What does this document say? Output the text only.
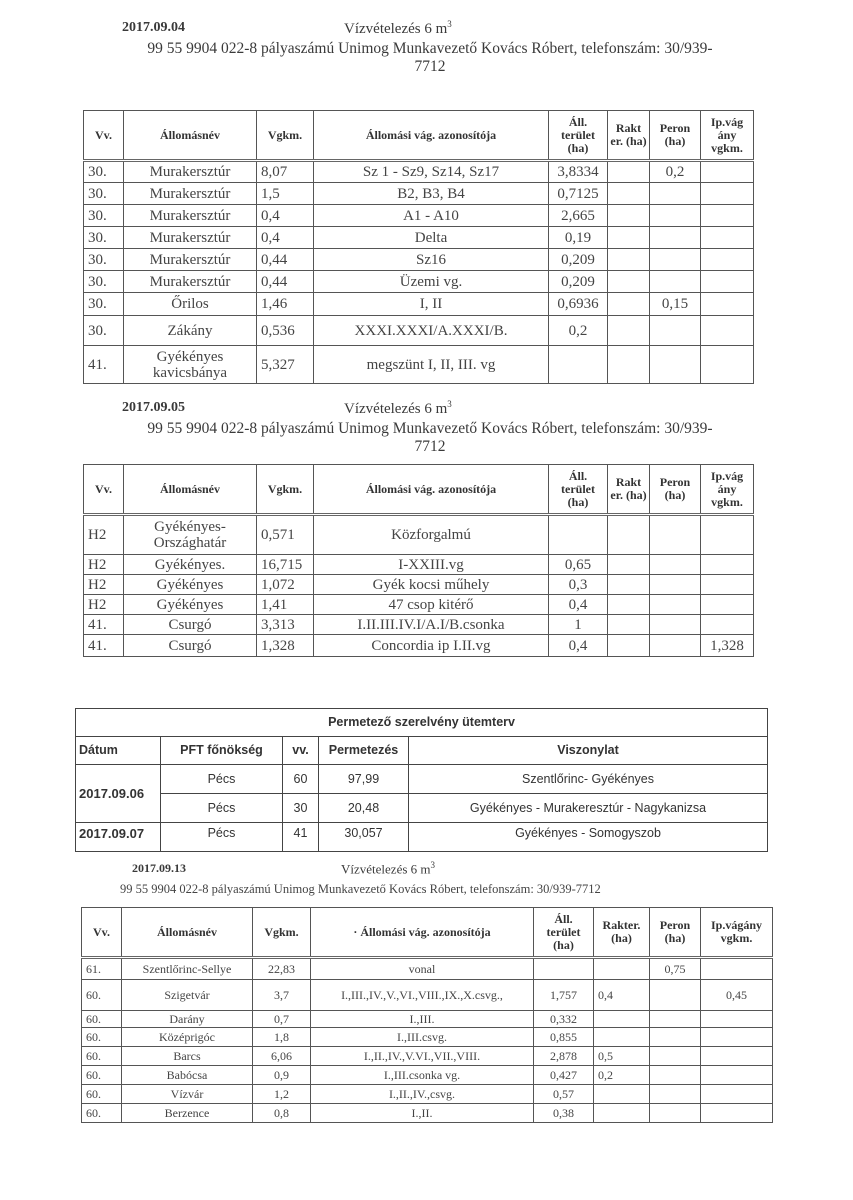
2017.09.04	Vízvételezés 6 $m^3$
99 55 9904 022-8 pályaszámú Unimog Munkavezető Kovács Róbert, telefonszám: 30/939-
7712
Vv.	Állomásnév	Vgkm.	Állomási vág. azonosítója	Áll. terület (ha)	Rakt er. (ha)	Peron (ha)	Ip.vág ány vgkm.
30.	Murakersztúr	8,07	Sz 1 - Sz9, Sz14, Sz17	3,8334		0,2	
30.	Murakersztúr	1,5	B2, B3, B4	0,7125			
30.	Murakersztúr	0,4	A1 - A10	2,665			
30.	Murakersztúr	0,4	Delta	0,19			
30.	Murakersztúr	0,44	Sz16	0,209			
30.	Murakersztúr	0,44	Üzemi vg.	0,209			
30.	Őrilos	1,46	I, II	0,6936		0,15	
30.	Zákány	0,536	XXXI.XXXI/A.XXXI/B.	0,2			
41.	Gyékényes kavicsbánya	5,327	megszünt I, II, III. vg				
2017.09.05	Vízvételezés 6 $m^3$
99 55 9904 022-8 pályaszámú Unimog Munkavezető Kovács Róbert, telefonszám: 30/939-
7712
Vv.	Állomásnév	Vgkm.	Állomási vág. azonosítója	Áll. terület (ha)	Rakt er. (ha)	Peron (ha)	Ip.vág ány vgkm.
H2	Gyékényes- Országhatár	0,571	Közforgalmú				
H2	Gyékényes.	16,715	I-XXIII.vg	0,65			
H2	Gyékényes	1,072	Gyék kocsi műhely	0,3			
H2	Gyékényes	1,41	47 csop kitérő	0,4			
41.	Csurgó	3,313	I.II.III.IV.I/A.I/B.csonka	1			
41.	Csurgó	1,328	Concordia ip I.II.vg	0,4			1,328
Permetező szerelvény ütemterv				
Dátum	PFT főnökség	vv.	Permetezés	Viszonylat
2017.09.06	Pécs	60	97,99	Szentlőrinc- Gyékényes
	Pécs	30	20,48	Gyékényes - Murakeresztúr - Nagykanizsa
2017.09.07	Pécs	41	30,057	Gyékényes - Somogyszob
2017.09.13	Vízvételezés 6 $m^3$
99 55 9904 022-8 pályaszámú Unimog Munkavezető Kovács Róbert, telefonszám: 30/939-7712
Vv.	Állomásnév	Vgkm.	· Állomási vág. azonosítója	Áll. terület (ha)	Rakter. (ha)	Peron (ha)	Ip.vágány vgkm.
61.	Szentlőrinc-Sellye	22,83	vonal			0,75	
60.	Szigetvár	3,7	I.,III.,IV.,V.,VI.,VIII.,IX.,X.csvg.,	1,757	0,4		0,45
60.	Darány	0,7	I.,III.	0,332			
60.	Középrigóc	1,8	I.,III.csvg.	0,855			
60.	Barcs	6,06	I.,II.,IV.,V.VI.,VII.,VIII.	2,878	0,5		
60.	Babócsa	0,9	I.,III.csonka vg.	0,427	0,2		
60.	Vízvár	1,2	I.,II.,IV.,csvg.	0,57			
60.	Berzence	0,8	I.,II.	0,38			
